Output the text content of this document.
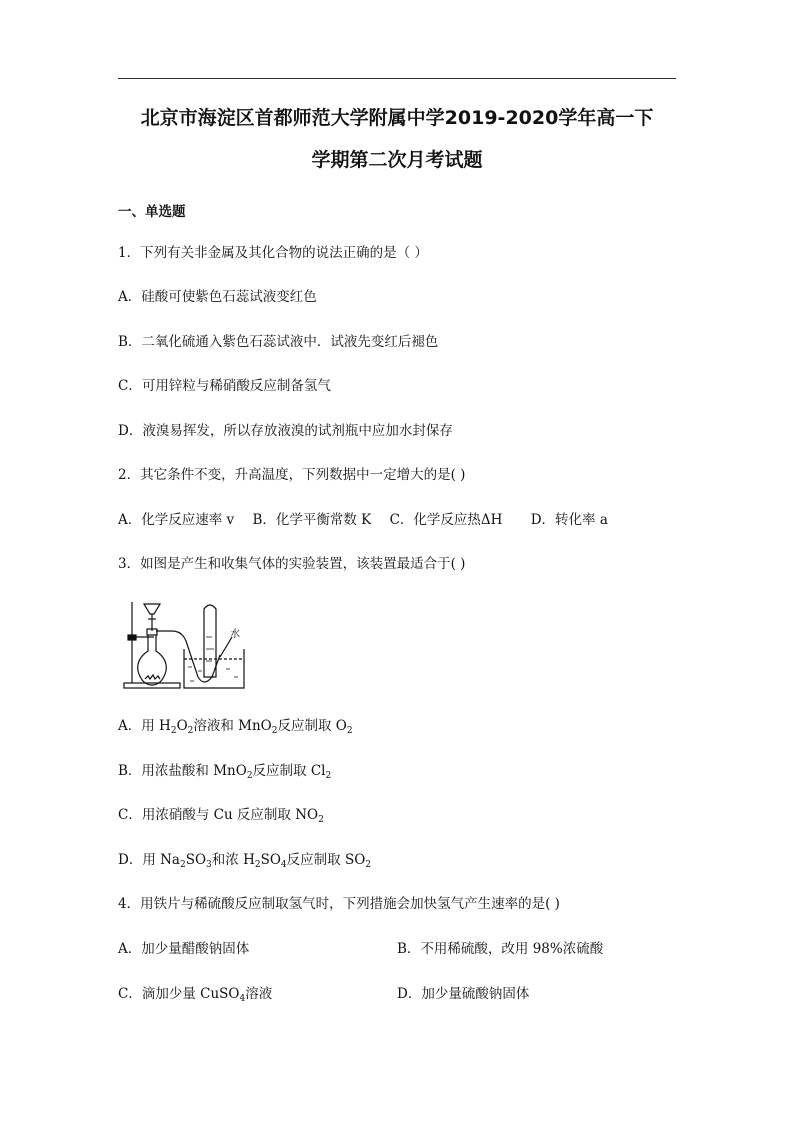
北京市海淀区首都师范大学附属中学2019-2020学年高一下
学期第二次月考试题
一、单选题
1．下列有关非金属及其化合物的说法正确的是（ ）
A．硅酸可使紫色石蕊试液变红色
B．二氧化硫通入紫色石蕊试液中．试液先变红后褪色
C．可用锌粒与稀硝酸反应制备氢气
D．液溴易挥发，所以存放液溴的试剂瓶中应加水封保存
2．其它条件不变，升高温度，下列数据中一定增大的是( )
A．化学反应速率 v B．化学平衡常数 K C．化学反应热ΔH D．转化率 a
3．如图是产生和收集气体的实验装置，该装置最适合于( )
水
A．用 $H_2O_2$溶液和 MnO$_2$反应制取 $O_2$
B．用浓盐酸和 MnO$_2$反应制取 $Cl_2$
C．用浓硝酸与 Cu 反应制取 $NO_2$
D．用 $Na_2SO_3$和浓 $H_2SO_4$反应制取 $SO_2$
4．用铁片与稀硫酸反应制取氢气时，下列措施会加快氢气产生速率的是( )
A．加少量醋酸钠固体	B．不用稀硫酸，改用 98%浓硫酸
C．滴加少量 CuSO$_4$溶液	D．加少量硫酸钠固体
